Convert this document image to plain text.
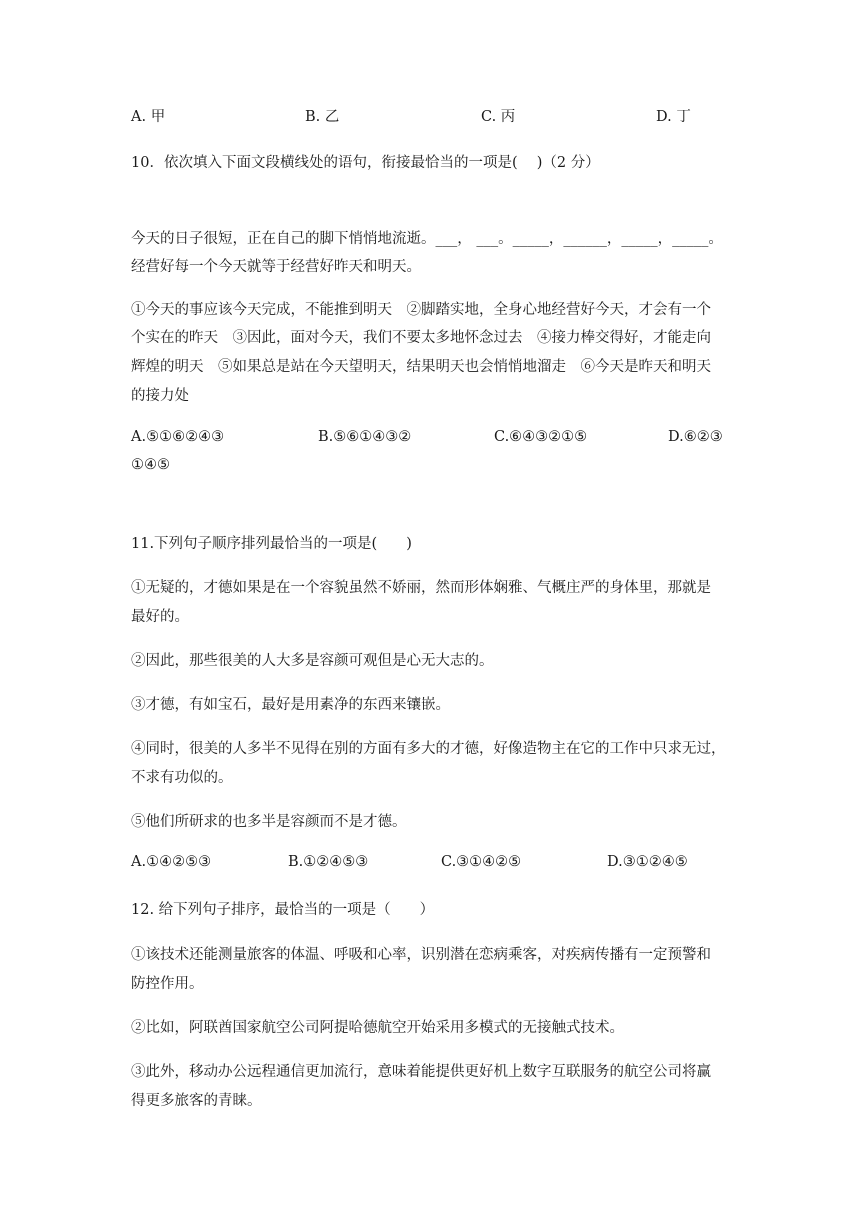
A. 甲	B. 乙	C. 丙	D. 丁
10．依次填入下面文段横线处的语句，衔接最恰当的一项是(　 )（2 分）
今天的日子很短，正在自己的脚下悄悄地流逝。___， ___。_____，______，_____，_____。
经营好每一个今天就等于经营好昨天和明天。
①今天的事应该今天完成，不能推到明天　②脚踏实地，全身心地经营好今天，才会有一个
个实在的昨天　③因此，面对今天，我们不要太多地怀念过去　④接力棒交得好，才能走向
辉煌的明天　⑤如果总是站在今天望明天，结果明天也会悄悄地溜走　⑥今天是昨天和明天
的接力处
A.⑤①⑥②④③	B.⑤⑥①④③②	C.⑥④③②①⑤	D.⑥②③
①④⑤
11.下列句子顺序排列最恰当的一项是(　　)
①无疑的，才德如果是在一个容貌虽然不娇丽，然而形体娴雅、气概庄严的身体里，那就是
最好的。
②因此，那些很美的人大多是容颜可观但是心无大志的。
③才德，有如宝石，最好是用素净的东西来镶嵌。
④同时，很美的人多半不见得在别的方面有多大的才德，好像造物主在它的工作中只求无过，
不求有功似的。
⑤他们所研求的也多半是容颜而不是才德。
A.①④②⑤③	B.①②④⑤③	C.③①④②⑤	D.③①②④⑤
12. 给下列句子排序，最恰当的一项是（　　）
①该技术还能测量旅客的体温、呼吸和心率，识别潜在恋病乘客，对疾病传播有一定预警和
防控作用。
②比如，阿联酋国家航空公司阿提哈德航空开始采用多模式的无接触式技术。
③此外，移动办公远程通信更加流行，意味着能提供更好机上数字互联服务的航空公司将赢
得更多旅客的青睐。
